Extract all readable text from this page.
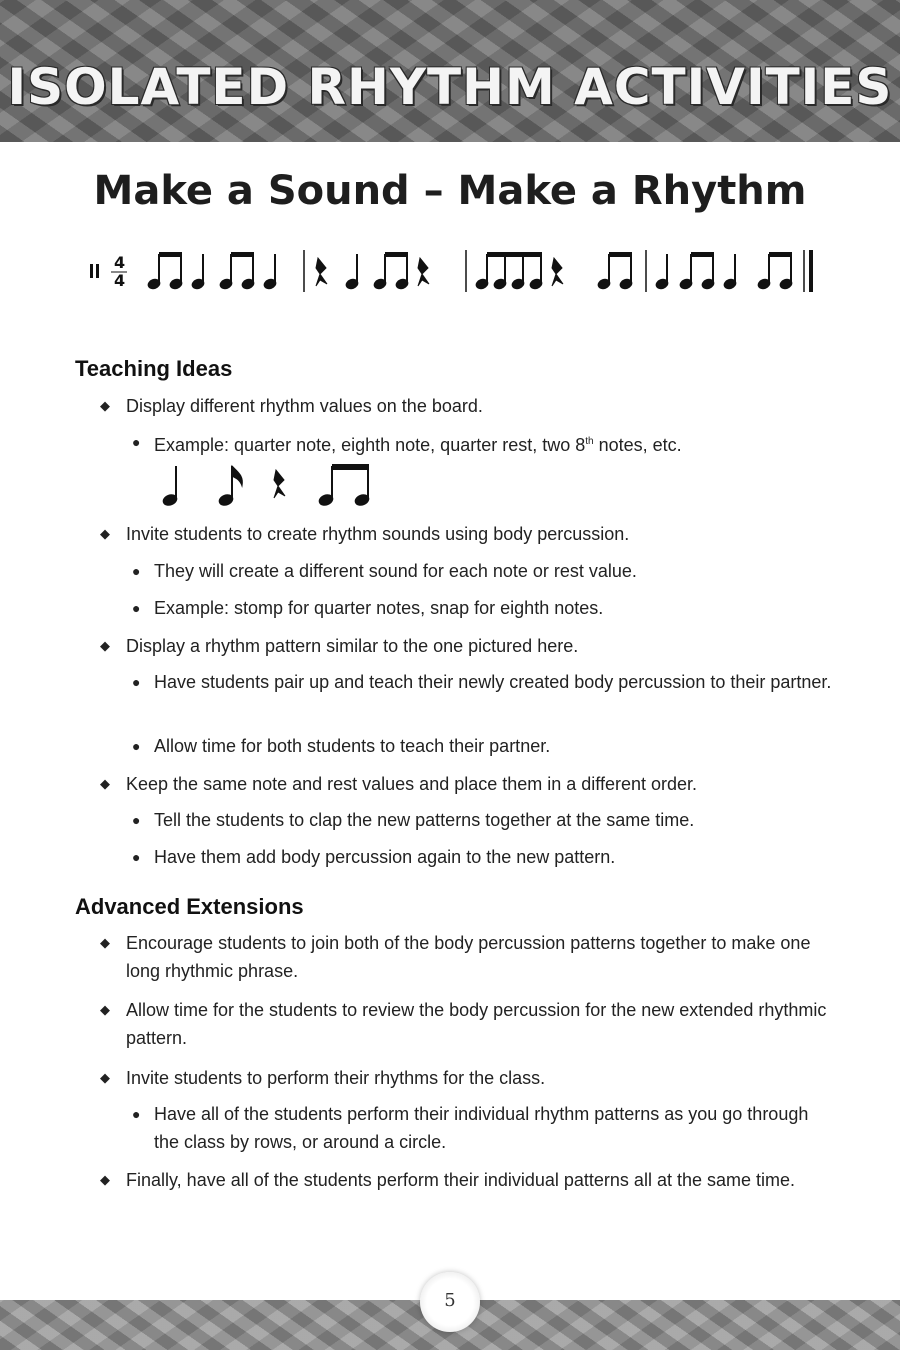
ISOLATED RHYTHM ACTIVITIES
Make a Sound – Make a Rhythm
4
4
Teaching Ideas
◆ Display different rhythm values on the board.
● Example: quarter note, eighth note, quarter rest, two 8th notes, etc.
◆ Invite students to create rhythm sounds using body percussion.
● They will create a different sound for each note or rest value.
● Example: stomp for quarter notes, snap for eighth notes.
◆ Display a rhythm pattern similar to the one pictured here.
● Have students pair up and teach their newly created body percussion to their partner.
● Allow time for both students to teach their partner.
◆ Keep the same note and rest values and place them in a different order.
● Tell the students to clap the new patterns together at the same time.
● Have them add body percussion again to the new pattern.
Advanced Extensions
◆ Encourage students to join both of the body percussion patterns together to make one long rhythmic phrase.
◆ Allow time for the students to review the body percussion for the new extended rhythmic pattern.
◆ Invite students to perform their rhythms for the class.
● Have all of the students perform their individual rhythm patterns as you go through the class by rows, or around a circle.
◆ Finally, have all of the students perform their individual patterns all at the same time.
5
